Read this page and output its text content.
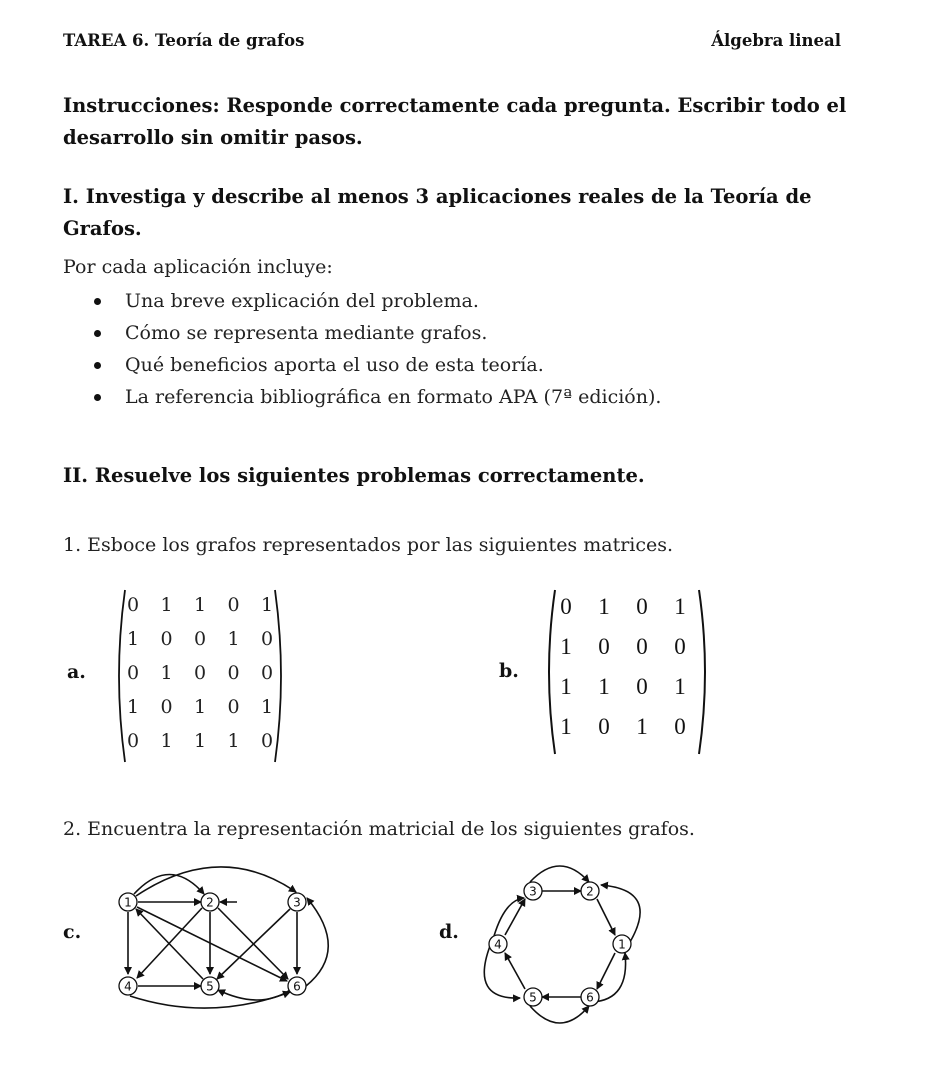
TAREA 6. Teoría de grafos	Álgebra lineal
Instrucciones: Responde correctamente cada pregunta. Escribir todo el
desarrollo sin omitir pasos.
I. Investiga y describe al menos 3 aplicaciones reales de la Teoría de
Grafos.
Por cada aplicación incluye:
Una breve explicación del problema.
Cómo se representa mediante grafos.
Qué beneficios aporta el uso de esta teoría.
La referencia bibliográfica en formato APA (7ª edición).
II. Resuelve los siguientes problemas correctamente.
1. Esboce los grafos representados por las siguientes matrices.
a.
0	1	1	0	1
1	0	0	1	0
0	1	0	0	0
1	0	1	0	1
0	1	1	1	0
b.
0	1	0	1
1	0	0	0
1	1	0	1
1	0	1	0
2. Encuentra la representación matricial de los siguientes grafos.
c.
1	2	3
4	5	6
d.
1
2
3
4
5	6
